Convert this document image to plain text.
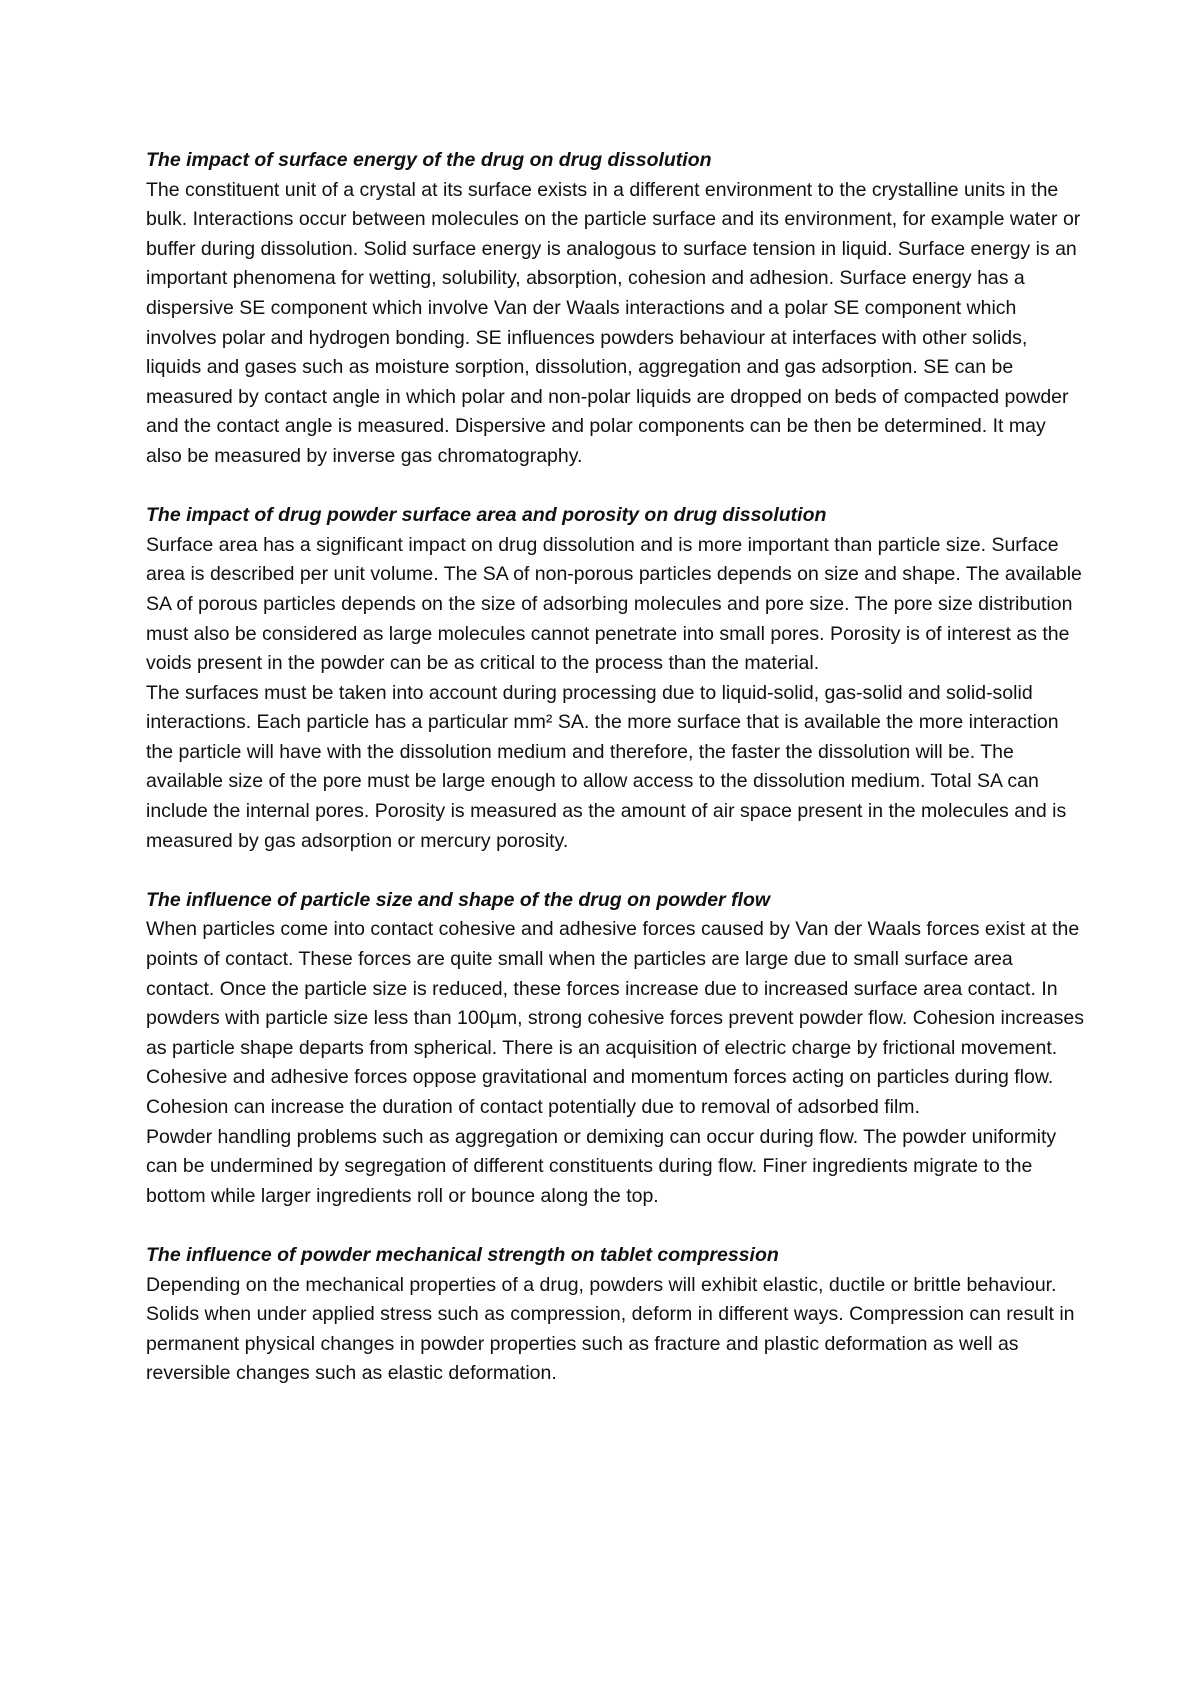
The impact of surface energy of the drug on drug dissolution

The constituent unit of a crystal at its surface exists in a different environment to the crystalline units in the bulk. Interactions occur between molecules on the particle surface and its environment, for example water or buffer during dissolution. Solid surface energy is analogous to surface tension in liquid. Surface energy is an important phenomena for wetting, solubility, absorption, cohesion and adhesion. Surface energy has a dispersive SE component which involve Van der Waals interactions and a polar SE component which involves polar and hydrogen bonding. SE influences powders behaviour at interfaces with other solids, liquids and gases such as moisture sorption, dissolution, aggregation and gas adsorption. SE can be measured by contact angle in which polar and non-polar liquids are dropped on beds of compacted powder and the contact angle is measured. Dispersive and polar components can be then be determined. It may also be measured by inverse gas chromatography.

The impact of drug powder surface area and porosity on drug dissolution

Surface area has a significant impact on drug dissolution and is more important than particle size. Surface area is described per unit volume. The SA of non-porous particles depends on size and shape. The available SA of porous particles depends on the size of adsorbing molecules and pore size. The pore size distribution must also be considered as large molecules cannot penetrate into small pores. Porosity is of interest as the voids present in the powder can be as critical to the process than the material.

The surfaces must be taken into account during processing due to liquid-solid, gas-solid and solid-solid interactions. Each particle has a particular mm² SA. the more surface that is available the more interaction the particle will have with the dissolution medium and therefore, the faster the dissolution will be. The available size of the pore must be large enough to allow access to the dissolution medium. Total SA can include the internal pores. Porosity is measured as the amount of air space present in the molecules and is measured by gas adsorption or mercury porosity.

The influence of particle size and shape of the drug on powder flow

When particles come into contact cohesive and adhesive forces caused by Van der Waals forces exist at the points of contact. These forces are quite small when the particles are large due to small surface area contact. Once the particle size is reduced, these forces increase due to increased surface area contact. In powders with particle size less than 100µm, strong cohesive forces prevent powder flow. Cohesion increases as particle shape departs from spherical. There is an acquisition of electric charge by frictional movement. Cohesive and adhesive forces oppose gravitational and momentum forces acting on particles during flow. Cohesion can increase the duration of contact potentially due to removal of adsorbed film.

Powder handling problems such as aggregation or demixing can occur during flow. The powder uniformity can be undermined by segregation of different constituents during flow. Finer ingredients migrate to the bottom while larger ingredients roll or bounce along the top.

The influence of powder mechanical strength on tablet compression

Depending on the mechanical properties of a drug, powders will exhibit elastic, ductile or brittle behaviour. Solids when under applied stress such as compression, deform in different ways. Compression can result in permanent physical changes in powder properties such as fracture and plastic deformation as well as reversible changes such as elastic deformation.
